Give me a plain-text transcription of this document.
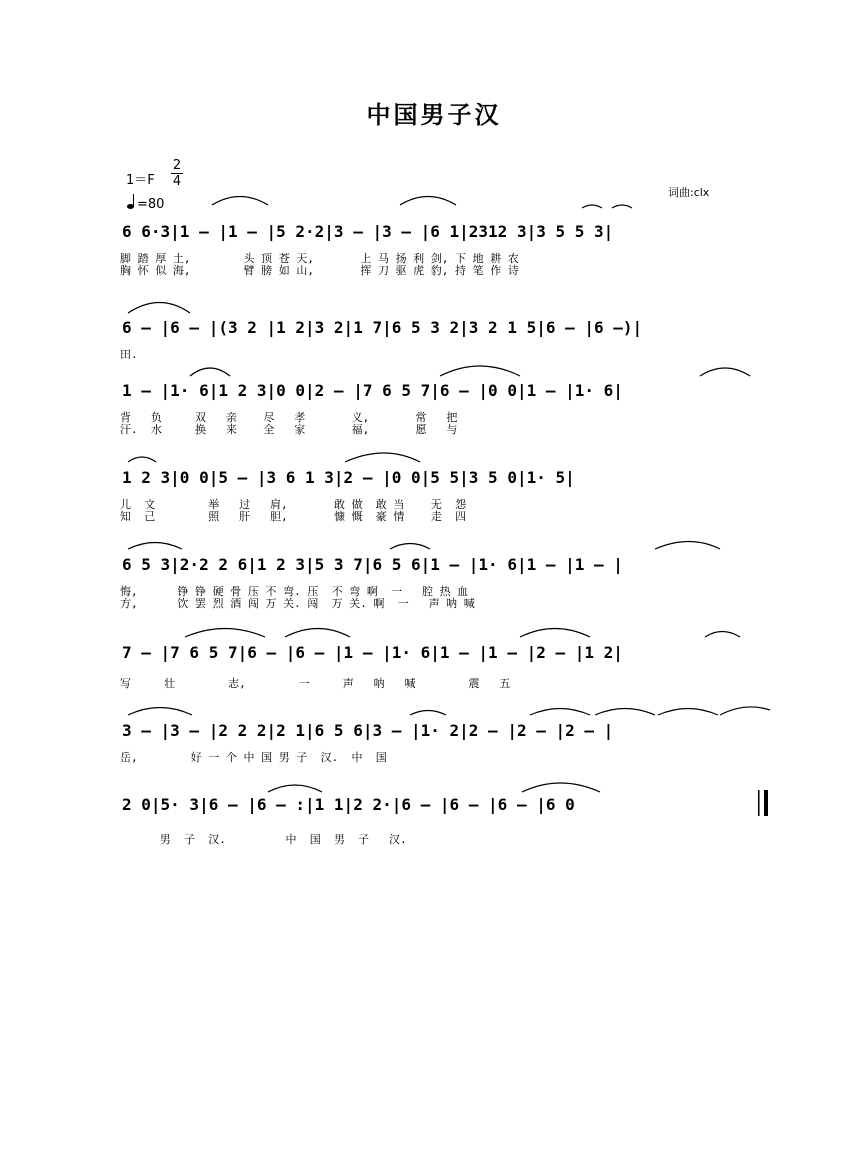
中国男子汉
1＝F
2
4
=80
词曲:clx
6 6·3|1 – |1 – |5 2·2|3 – |3 – |6 1|2312 3|3 5 5 3|
脚 踏 厚 土,        头 顶 苍 天,       上 马 扬 利 剑, 下 地 耕 农
胸 怀 似 海,        臂 膀 如 山,       挥 刀 驱 虎 豹, 持 笔 作 诗
6 – |6 – |(3 2 |1 2|3 2|1 7|6 5 3 2|3 2 1 5|6 – |6 –)|
田.
1 – |1· 6|1 2 3|0 0|2 – |7 6 5 7|6 – |0 0|1 – |1· 6|
背   负     双   亲    尽   孝       义,       常   把
汗.  水     换   来    全   家       福,       愿   与
1 2 3|0 0|5 – |3 6 1 3|2 – |0 0|5 5|3 5 0|1· 5|
儿  文        举   过   肩,       敢 做  敢 当    无  怨
知  己        照   肝   胆,       慷 慨  豪 情    走  四
6 5 3|2·2 2 6|1 2 3|5 3 7|6 5 6|1 – |1· 6|1 – |1 – |
悔,      铮 铮 硬 骨 压 不 弯. 压  不 弯 啊  一   腔 热 血
方,      饮 罢 烈 酒 闯 万 关. 闯  万 关. 啊  一   声 呐 喊
7 – |7 6 5 7|6 – |6 – |1 – |1· 6|1 – |1 – |2 – |1 2|
写     壮        志,        一     声   呐   喊        震   五
3 – |3 – |2 2 2|2 1|6 5 6|3 – |1· 2|2 – |2 – |2 – |
岳,        好 一 个 中 国 男 子  汉.  中  国
2 0|5· 3|6 – |6 – :|1 1|2 2·|6 – |6 – |6 – |6 0
男  子  汉.         中  国  男  子   汉.
